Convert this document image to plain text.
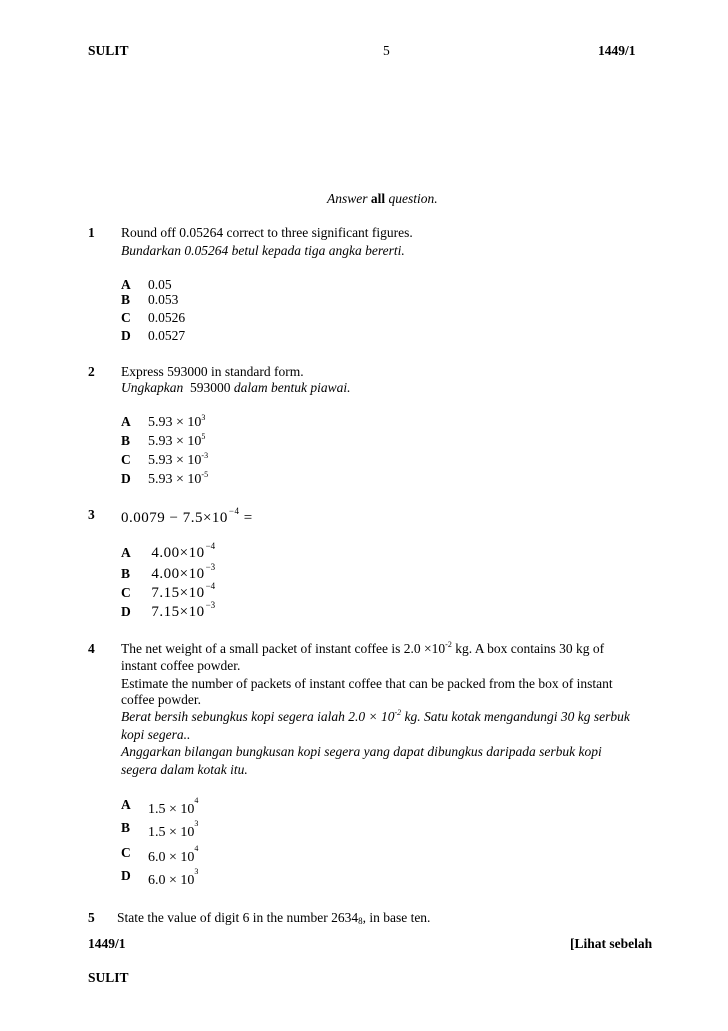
SULIT	5	1449/1
Answer all question.
1 Round off 0.05264 correct to three significant figures.
Bundarkan 0.05264 betul kepada tiga angka bererti.
A 0.05
B 0.053
C 0.0526
D 0.0527
2 Express 593000 in standard form.
Ungkapkan 593000 dalam bentuk piawai.
A $5.93 \times 10^3$
B $5.93 \times 10^5$
C $5.93 \times 10^{-3}$
D $5.93 \times 10^{-5}$
3 $0.0079 - 7.5\times 10^{-4}$ =
A $4.00\times 10^{-4}$
B $4.00\times 10^{-3}$
C $7.15\times 10^{-4}$
D $7.15\times 10^{-3}$
4 The net weight of a small packet of instant coffee is $2.0 \times 10^{-2}$ kg. A box contains 30 kg of
instant coffee powder.
Estimate the number of packets of instant coffee that can be packed from the box of instant
coffee powder.
Berat bersih sebungkus kopi segera ialah $2.0 \times 10^{-2}$ kg. Satu kotak mengandungi 30 kg serbuk
kopi segera..
Anggarkan bilangan bungkusan kopi segera yang dapat dibungkus daripada serbuk kopi
segera dalam kotak itu.
A $1.5 \times 10^4$
B $1.5 \times 10^3$
C $6.0 \times 10^4$
D $6.0 \times 10^3$
5 State the value of digit 6 in the number $2634_8$, in base ten.
1449/1	[Lihat sebelah
SULIT
